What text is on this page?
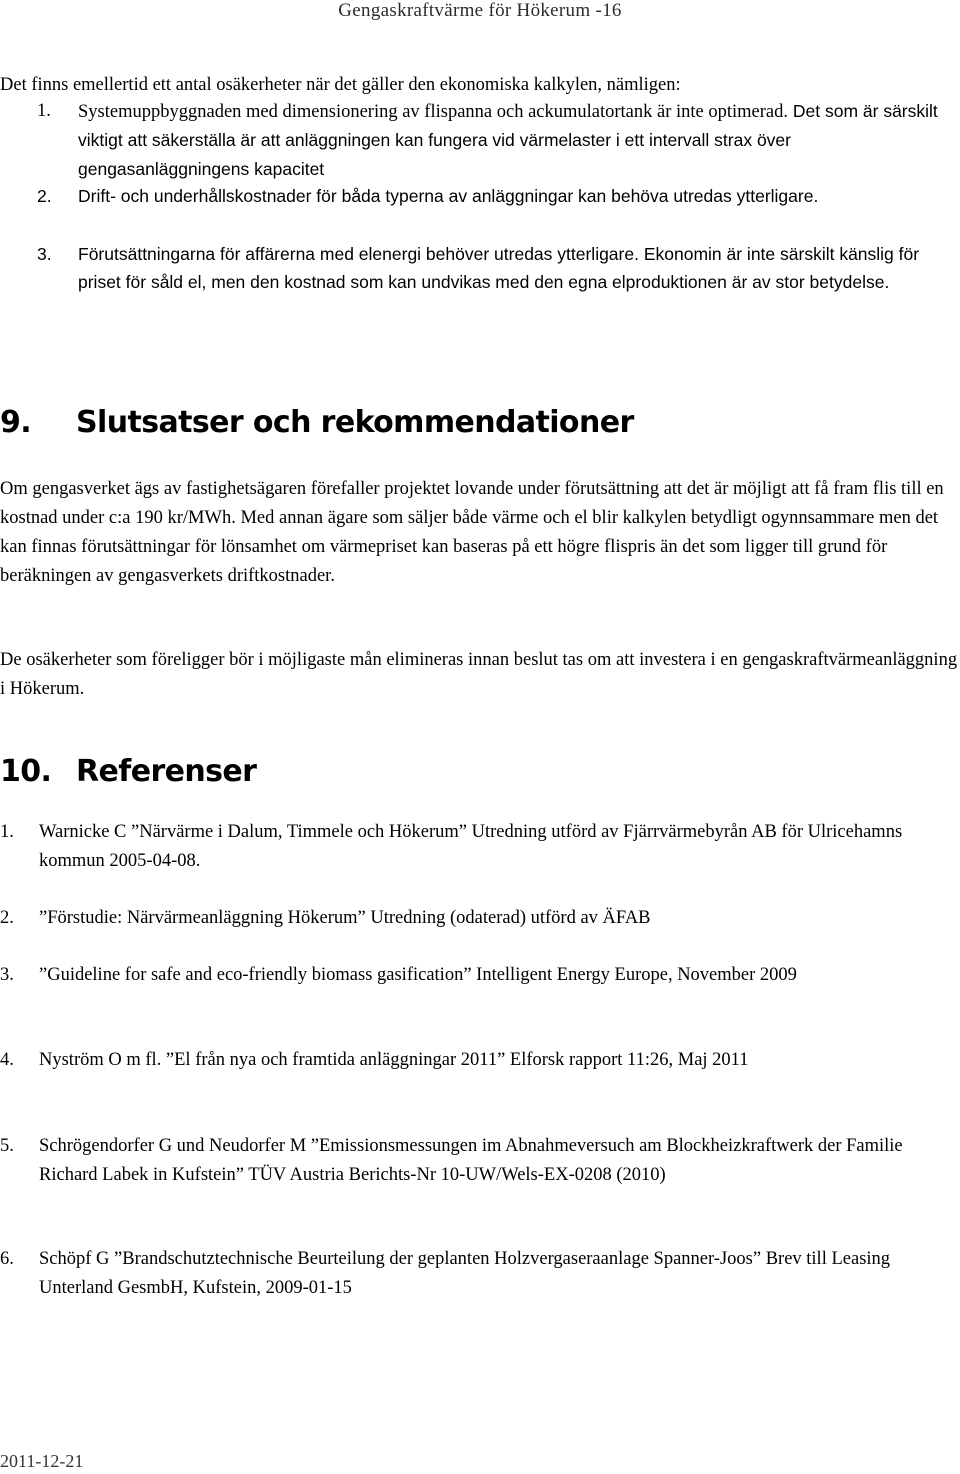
Gengaskraftvärme för Hökerum -16

Det finns emellertid ett antal osäkerheter när det gäller den ekonomiska kalkylen, nämligen:

1. Systemuppbyggnaden med dimensionering av flispanna och ackumulatortank är inte optimerad. Det som är särskilt viktigt att säkerställa är att anläggningen kan fungera vid värmelaster i ett intervall strax över gengasanläggningens kapacitet
2. Drift- och underhållskostnader för båda typerna av anläggningar kan behöva utredas ytterligare.
3. Förutsättningarna för affärerna med elenergi behöver utredas ytterligare. Ekonomin är inte särskilt känslig för priset för såld el, men den kostnad som kan undvikas med den egna elproduktionen är av stor betydelse.
9. Slutsatser och rekommendationer

Om gengasverket ägs av fastighetsägaren förefaller projektet lovande under förutsättning att det är möjligt att få fram flis till en kostnad under c:a 190 kr/MWh. Med annan ägare som säljer både värme och el blir kalkylen betydligt ogynnsammare men det kan finnas förutsättningar för lönsamhet om värmepriset kan baseras på ett högre flispris än det som ligger till grund för beräkningen av gengasverkets driftkostnader.

De osäkerheter som föreligger bör i möjligaste mån elimineras innan beslut tas om att investera i en gengaskraftvärmeanläggning i Hökerum.

10. Referenser
1. Warnicke C ”Närvärme i Dalum, Timmele och Hökerum” Utredning utförd av Fjärrvärmebyrån AB för Ulricehamns kommun 2005-04-08.
2. ”Förstudie: Närvärmeanläggning Hökerum” Utredning (odaterad) utförd av ÄFAB
3. ”Guideline for safe and eco-friendly biomass gasification” Intelligent Energy Europe, November 2009
4. Nyström O m fl. ”El från nya och framtida anläggningar 2011” Elforsk rapport 11:26, Maj 2011
5. Schrögendorfer G und Neudorfer M ”Emissionsmessungen im Abnahmeversuch am Blockheizkraftwerk der Familie Richard Labek in Kufstein” TÜV Austria Berichts-Nr 10-UW/Wels-EX-0208 (2010)
6. Schöpf G ”Brandschutztechnische Beurteilung der geplanten Holzvergaseraanlage Spanner-Joos” Brev till Leasing Unterland GesmbH, Kufstein, 2009-01-15
2011-12-21
